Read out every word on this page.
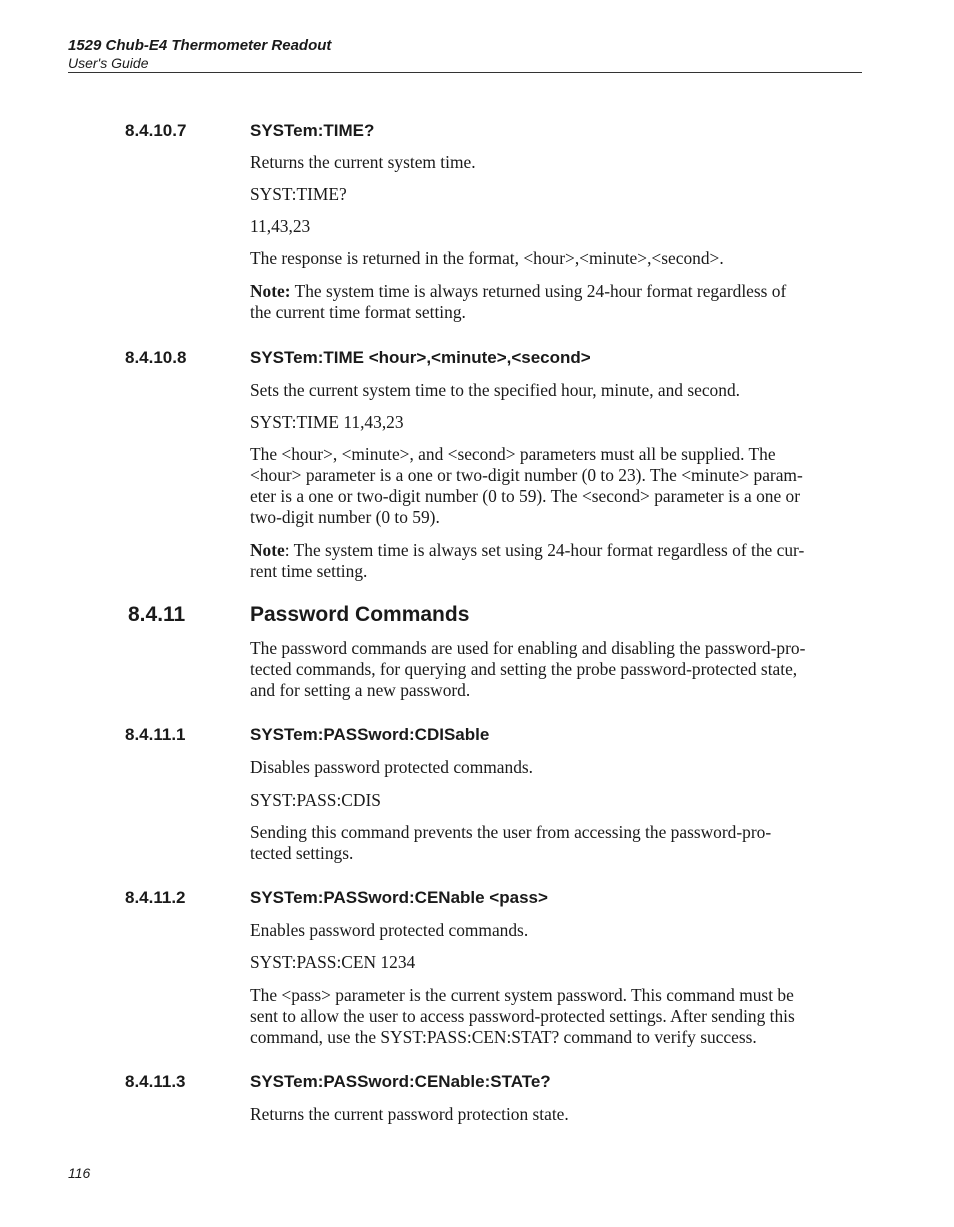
1529 Chub-E4 Thermometer Readout
User's Guide
8.4.10.7	SYSTem:TIME?
Returns the current system time.
SYST:TIME?
11,43,23
The response is returned in the format, <hour>,<minute>,<second>.
Note: The system time is always returned using 24-hour format regardless of
the current time format setting.
8.4.10.8	SYSTem:TIME <hour>,<minute>,<second>
Sets the current system time to the specified hour, minute, and second.
SYST:TIME 11,43,23
The <hour>, <minute>, and <second> parameters must all be supplied. The
<hour> parameter is a one or two-digit number (0 to 23). The <minute> param-
eter is a one or two-digit number (0 to 59). The <second> parameter is a one or
two-digit number (0 to 59).
Note: The system time is always set using 24-hour format regardless of the cur-
rent time setting.
8.4.11	Password Commands
The password commands are used for enabling and disabling the password-pro-
tected commands, for querying and setting the probe password-protected state,
and for setting a new password.
8.4.11.1	SYSTem:PASSword:CDISable
Disables password protected commands.
SYST:PASS:CDIS
Sending this command prevents the user from accessing the password-pro-
tected settings.
8.4.11.2	SYSTem:PASSword:CENable <pass>
Enables password protected commands.
SYST:PASS:CEN 1234
The <pass> parameter is the current system password. This command must be
sent to allow the user to access password-protected settings. After sending this
command, use the SYST:PASS:CEN:STAT? command to verify success.
8.4.11.3	SYSTem:PASSword:CENable:STATe?
Returns the current password protection state.
116
